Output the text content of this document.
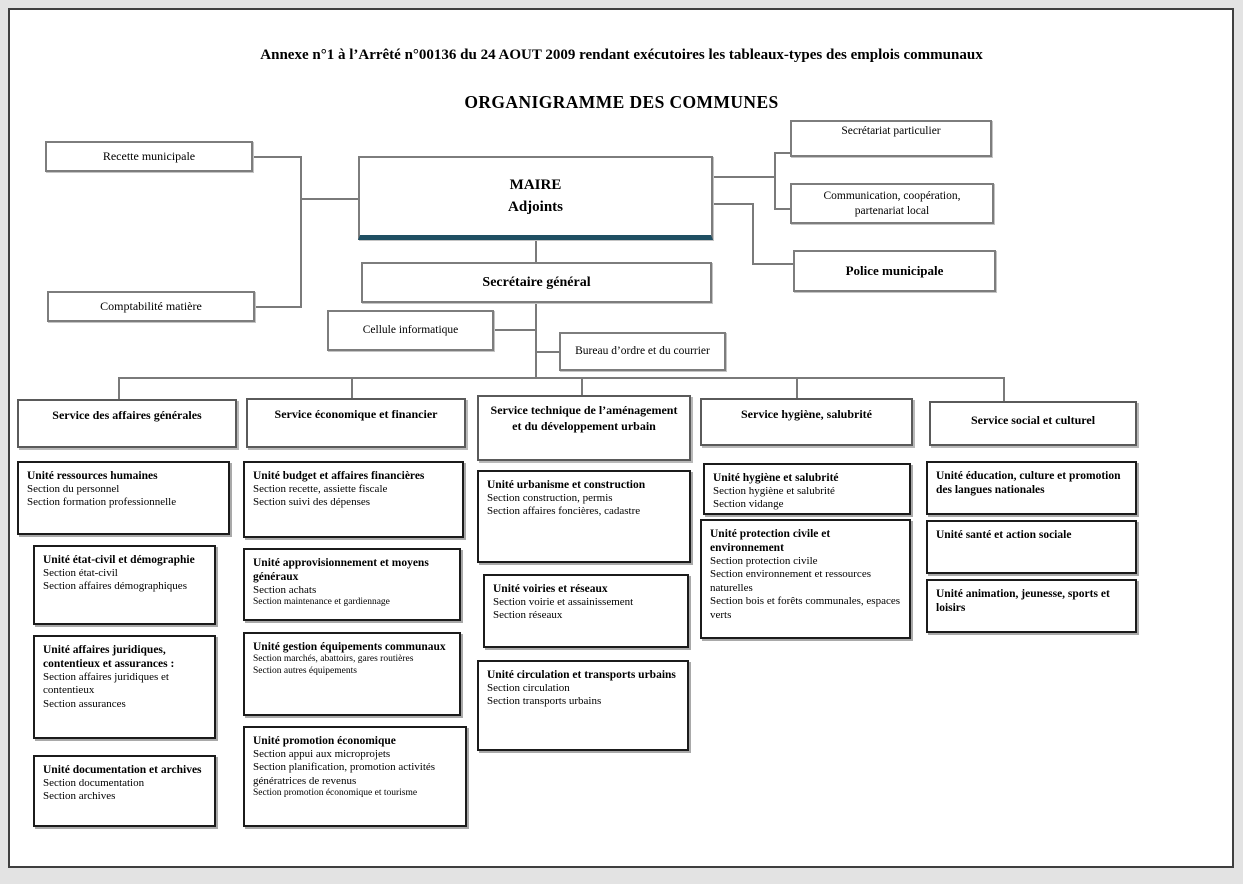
Annexe n°1 à l’Arrêté n°00136 du 24 AOUT 2009 rendant exécutoires les tableaux-types des emplois communaux
ORGANIGRAMME DES COMMUNES
Recette municipale
Comptabilité matière
MAIRE
Adjoints
Secrétaire général
Cellule informatique
Bureau d’ordre et du courrier
Secrétariat particulier
Communication, coopération, partenariat local
Police municipale
Service des affaires générales	Service économique et financier	Service technique de l’aménagement et du développement urbain
Service hygiène, salubrité	Service social et culturel
Unité ressources humaines
Section du personnel
Section formation professionnelle
Unité état-civil et démographie
Section état-civil
Section affaires démographiques
Unité affaires juridiques, contentieux et assurances :
Section affaires juridiques et contentieux
Section assurances
Unité documentation et archives
Section documentation
Section archives
Unité budget et affaires financières
Section recette, assiette fiscale
Section suivi des dépenses
Unité approvisionnement et moyens généraux
Section achats
Section maintenance et gardiennage
Unité gestion équipements communaux
Section marchés, abattoirs, gares routières
Section autres équipements
Unité promotion économique
Section appui aux microprojets
Section planification, promotion activités génératrices de revenus
Section promotion économique et tourisme
Unité urbanisme et construction
Section construction, permis
Section affaires foncières, cadastre
Unité voiries et réseaux
Section voirie et assainissement
Section réseaux
Unité circulation et transports urbains
Section circulation
Section transports urbains
Unité hygiène et salubrité
Section hygiène et salubrité
Section vidange
Unité protection civile et environnement
Section protection civile
Section environnement et ressources naturelles
Section bois et forêts communales, espaces verts
Unité éducation, culture et promotion des langues nationales
Unité santé et action sociale
Unité animation, jeunesse, sports et loisirs
